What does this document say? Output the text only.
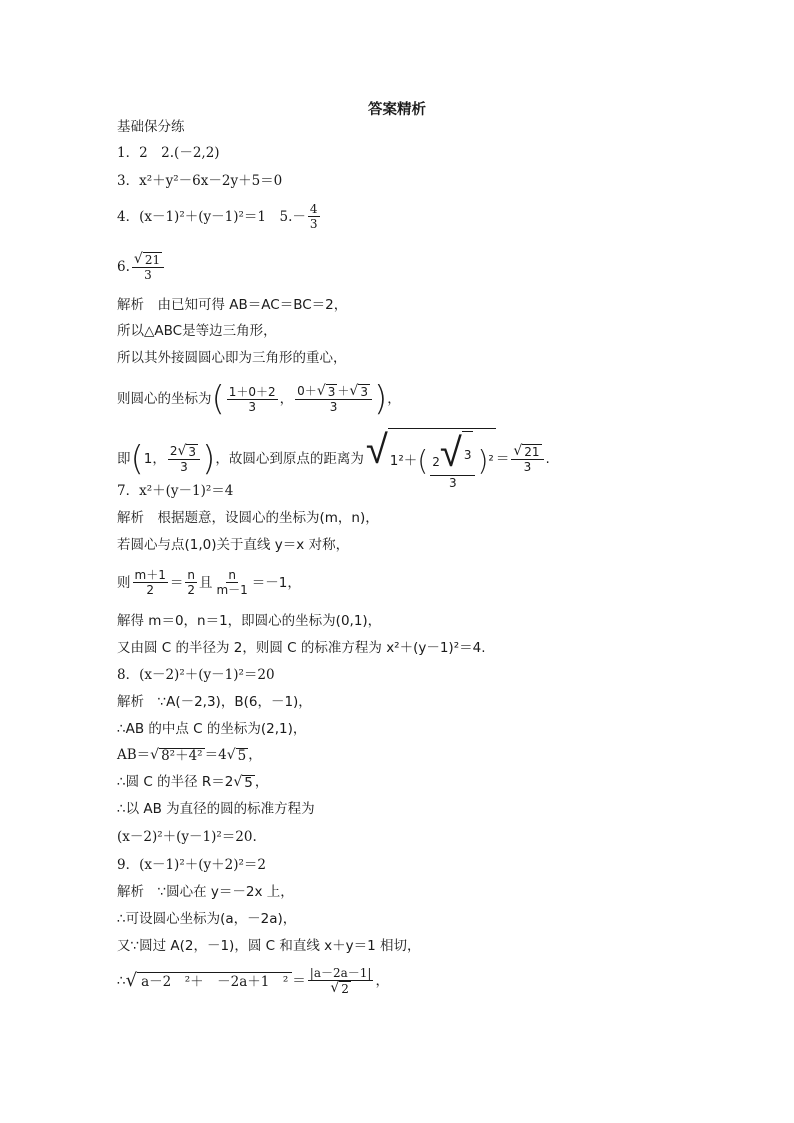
答案精析
基础保分练
1．2　2.(－2,2)
3．x²＋y²－6x－2y＋5＝0
4．(x－1)²＋(y－1)²＝1　$5.- \frac{4}{3}$
6. $\frac{√ 21}{3}$
解析　由已知可得 AB＝AC＝BC＝2，
所以△ABC是等边三角形，
所以其外接圆圆心即为三角形的重心，
则圆心的坐标为 ( $\frac{1+0+2}{3}$ ， $\frac{0+ √ 3 + √ 3}{3}$ ) ，
即 ( 1， $\frac{2 √ 3}{3}$ ) ，故圆心到原点的距离为 √ 1²＋ ( $\frac{2 √ 3}{3}$ ) $^2 = \frac{√ 21}{3}$ .
7．x²＋(y－1)²＝4
解析　根据题意，设圆心的坐标为(m，n)，
若圆心与点(1,0)关于直线 y＝x 对称，
则 $\frac{m+1}{2} = \frac{n}{2}$ 且 $\frac{n}{m-1} =-1$，
解得 m＝0，n＝1，即圆心的坐标为(0,1)，
又由圆 C 的半径为 2，则圆 C 的标准方程为 x²＋(y－1)²＝4.
8．(x－2)²＋(y－1)²＝20
解析　∵A(－2,3)，B(6，－1)，
∴AB 的中点 C 的坐标为(2,1)，
AB＝ √ 8²＋4² ＝4 √ 5 ，
∴圆 C 的半径 R＝2 √ 5 ，
∴以 AB 为直径的圆的标准方程为
(x－2)²＋(y－1)²＝20.
9．(x－1)²＋(y＋2)²＝2
解析　∵圆心在 y＝－2x 上，
∴可设圆心坐标为(a，－2a)，
又∵圆过 A(2，－1)，圆 C 和直线 x＋y＝1 相切，
∴ √ a－2　²＋　－2a＋1　$^2 = \frac{|a-2a-1|}{√ 2}$ ，
